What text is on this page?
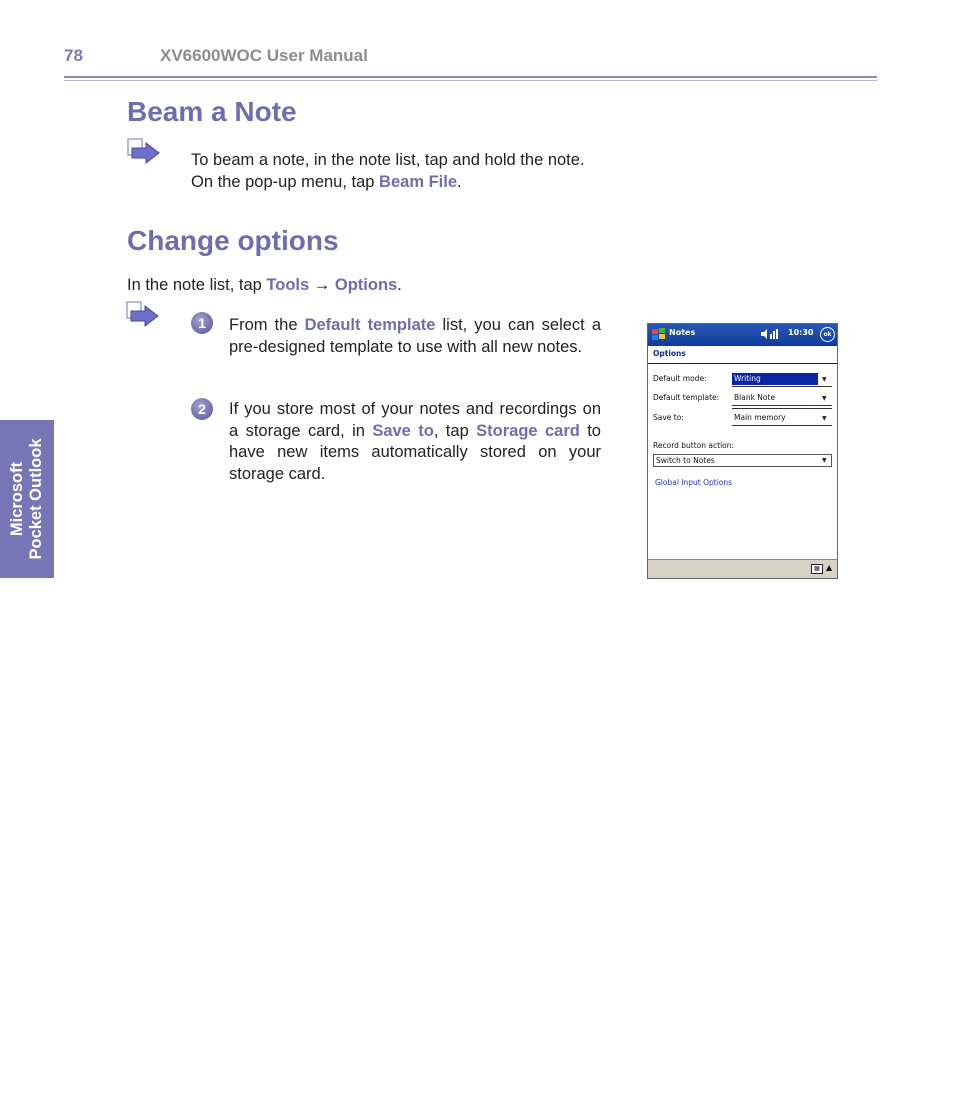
78	XV6600WOC User Manual
Microsoft Pocket Outlook
Beam a Note
To beam a note, in the note list, tap and hold the note.
On the pop-up menu, tap Beam File.
Change options
In the note list, tap Tools → Options.
1	From the Default template list, you can select a pre-designed template to use with all new notes.
2	If you store most of your notes and recordings on a storage card, in Save to, tap Storage card to have new items automatically stored on your storage card.
Notes	10:30	ok
Options
Default mode:	Writing	▼
Default template: Blank Note	▼
Save to:	Main memory	▼
Record button action:
Switch to Notes	▼
Global Input Options
▦ ▲
